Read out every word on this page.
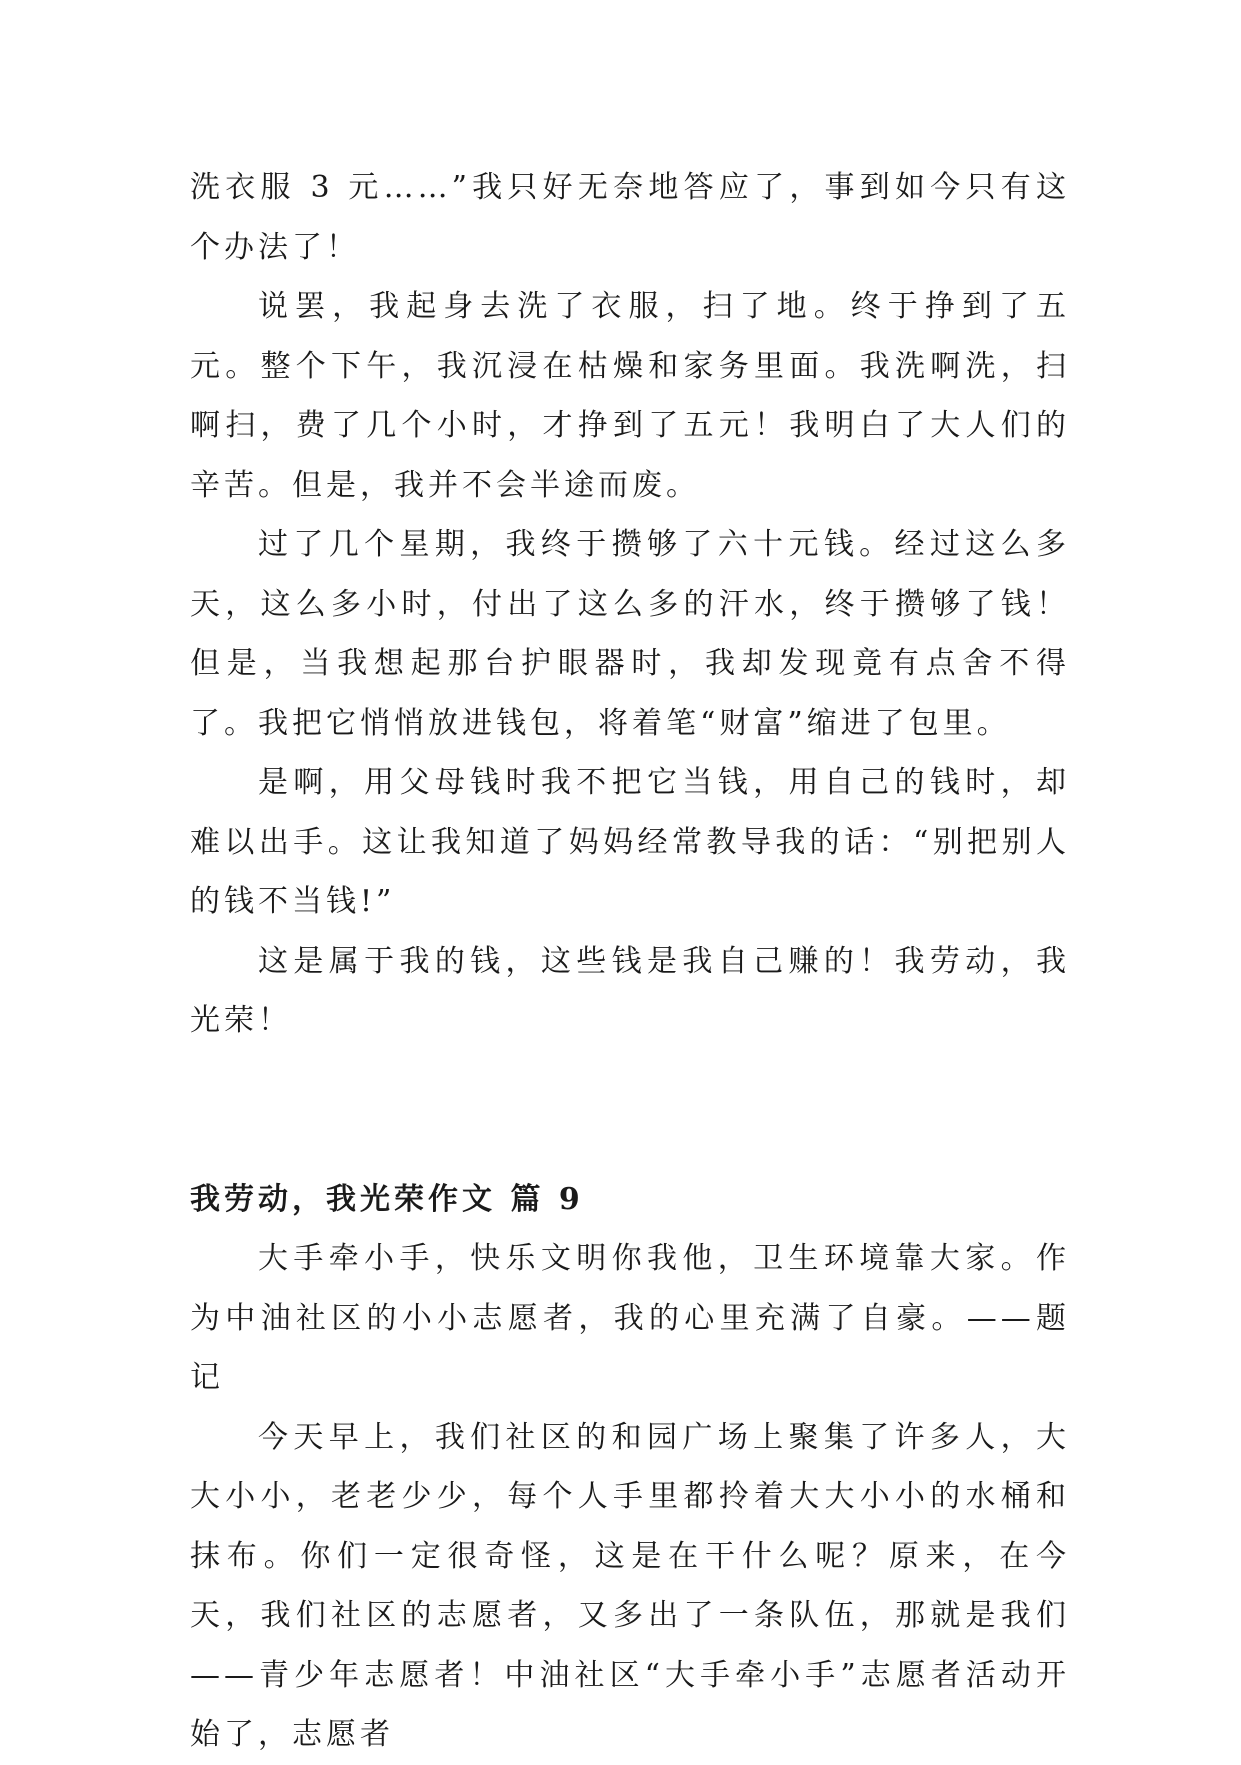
洗衣服 3 元……”我只好无奈地答应了，事到如今只有这个办法了！

说罢，我起身去洗了衣服，扫了地。终于挣到了五元。整个下午，我沉浸在枯燥和家务里面。我洗啊洗，扫啊扫，费了几个小时，才挣到了五元！我明白了大人们的辛苦。但是，我并不会半途而废。

过了几个星期，我终于攒够了六十元钱。经过这么多天，这么多小时，付出了这么多的汗水，终于攒够了钱！但是，当我想起那台护眼器时，我却发现竟有点舍不得了。我把它悄悄放进钱包，将着笔“财富”缩进了包里。

是啊，用父母钱时我不把它当钱，用自己的钱时，却难以出手。这让我知道了妈妈经常教导我的话：“别把别人的钱不当钱!”

这是属于我的钱，这些钱是我自己赚的！我劳动，我光荣！

我劳动，我光荣作文 篇 9

大手牵小手，快乐文明你我他，卫生环境靠大家。作为中油社区的小小志愿者，我的心里充满了自豪。——题记

今天早上，我们社区的和园广场上聚集了许多人，大大小小，老老少少，每个人手里都拎着大大小小的水桶和抹布。你们一定很奇怪，这是在干什么呢？原来，在今天，我们社区的志愿者，又多出了一条队伍，那就是我们——青少年志愿者！中油社区“大手牵小手”志愿者活动开始了，志愿者
